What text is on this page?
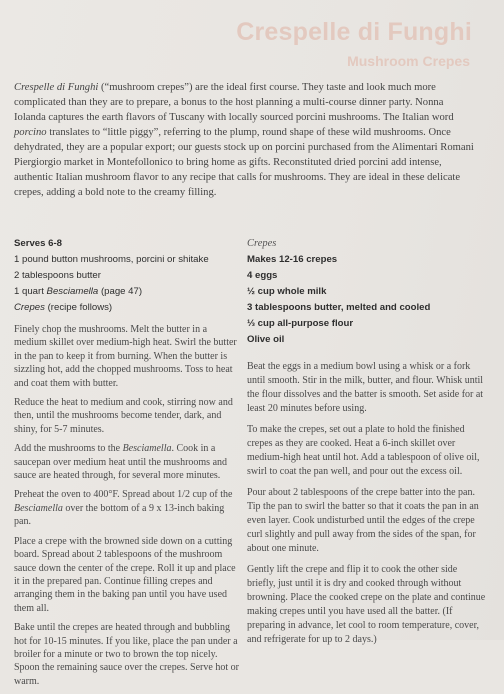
Crespelle di Funghi
Mushroom Crepes

Crespelle di Funghi (“mushroom crepes”) are the ideal first course. They taste and look much more complicated than they are to prepare, a bonus to the host planning a multi-course dinner party. Nonna Iolanda captures the earth flavors of Tuscany with locally sourced porcini mushrooms. The Italian word porcino translates to “little piggy”, referring to the plump, round shape of these wild mushrooms. Once dehydrated, they are a popular export; our guests stock up on porcini purchased from the Alimentari Romani Piergiorgio market in Montefollonico to bring home as gifts. Reconstituted dried porcini add intense, authentic Italian mushroom flavor to any recipe that calls for mushrooms. They are ideal in these delicate crepes, adding a bold note to the creamy filling.

Serves 6-8
1 pound button mushrooms, porcini or shitake
2 tablespoons butter
1 quart Besciamella (page 47)
Crepes (recipe follows)

Finely chop the mushrooms. Melt the butter in a medium skillet over medium-high heat. Swirl the butter in the pan to keep it from burning. When the butter is sizzling hot, add the chopped mushrooms. Toss to heat and coat them with butter.

Reduce the heat to medium and cook, stirring now and then, until the mushrooms become tender, dark, and shiny, for 5-7 minutes.

Add the mushrooms to the Besciamella. Cook in a saucepan over medium heat until the mushrooms and sauce are heated through, for several more minutes.

Preheat the oven to 400°F. Spread about 1/2 cup of the Besciamella over the bottom of a 9 x 13-inch baking pan.

Place a crepe with the browned side down on a cutting board. Spread about 2 tablespoons of the mushroom sauce down the center of the crepe. Roll it up and place it in the prepared pan. Continue filling crepes and arranging them in the baking pan until you have used them all.

Bake until the crepes are heated through and bubbling hot for 10-15 minutes. If you like, place the pan under a broiler for a minute or two to brown the top nicely. Spoon the remaining sauce over the crepes. Serve hot or warm.

Crepes
Makes 12-16 crepes
4 eggs
½ cup whole milk
3 tablespoons butter, melted and cooled
⅓ cup all-purpose flour
Olive oil

Beat the eggs in a medium bowl using a whisk or a fork until smooth. Stir in the milk, butter, and flour. Whisk until the flour dissolves and the batter is smooth. Set aside for at least 20 minutes before using.

To make the crepes, set out a plate to hold the finished crepes as they are cooked. Heat a 6-inch skillet over medium-high heat until hot. Add a tablespoon of olive oil, swirl to coat the pan well, and pour out the excess oil.

Pour about 2 tablespoons of the crepe batter into the pan. Tip the pan to swirl the batter so that it coats the pan in an even layer. Cook undisturbed until the edges of the crepe curl slightly and pull away from the sides of the span, for about one minute.

Gently lift the crepe and flip it to cook the other side briefly, just until it is dry and cooked through without browning. Place the cooked crepe on the plate and continue making crepes until you have used all the batter. (If preparing in advance, let cool to room temperature, cover, and refrigerate for up to 2 days.)
